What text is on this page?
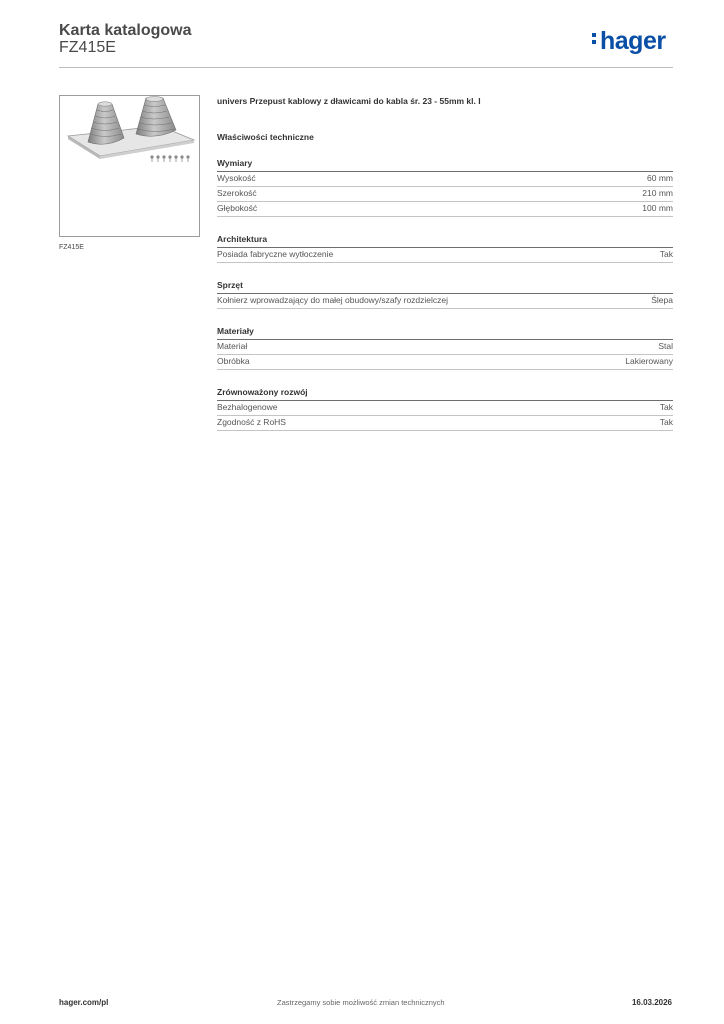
Karta katalogowa
FZ415E	hager
FZ415E
univers Przepust kablowy z dławicami do kabla śr. 23 - 55mm kl. I
Właściwości techniczne
Wymiary
Wysokość	60 mm
Szerokość	210 mm
Głębokość	100 mm
Architektura
Posiada fabryczne wytłoczenie	Tak
Sprzęt
Kołnierz wprowadzający do małej obudowy/szafy rozdzielczej	Ślepa
Materiały
Materiał	Stal
Obróbka	Lakierowany
Zrównoważony rozwój
Bezhalogenowe	Tak
Zgodność z RoHS	Tak
hager.com/pl	Zastrzegamy sobie możliwość zmian technicznych	16.03.2026
